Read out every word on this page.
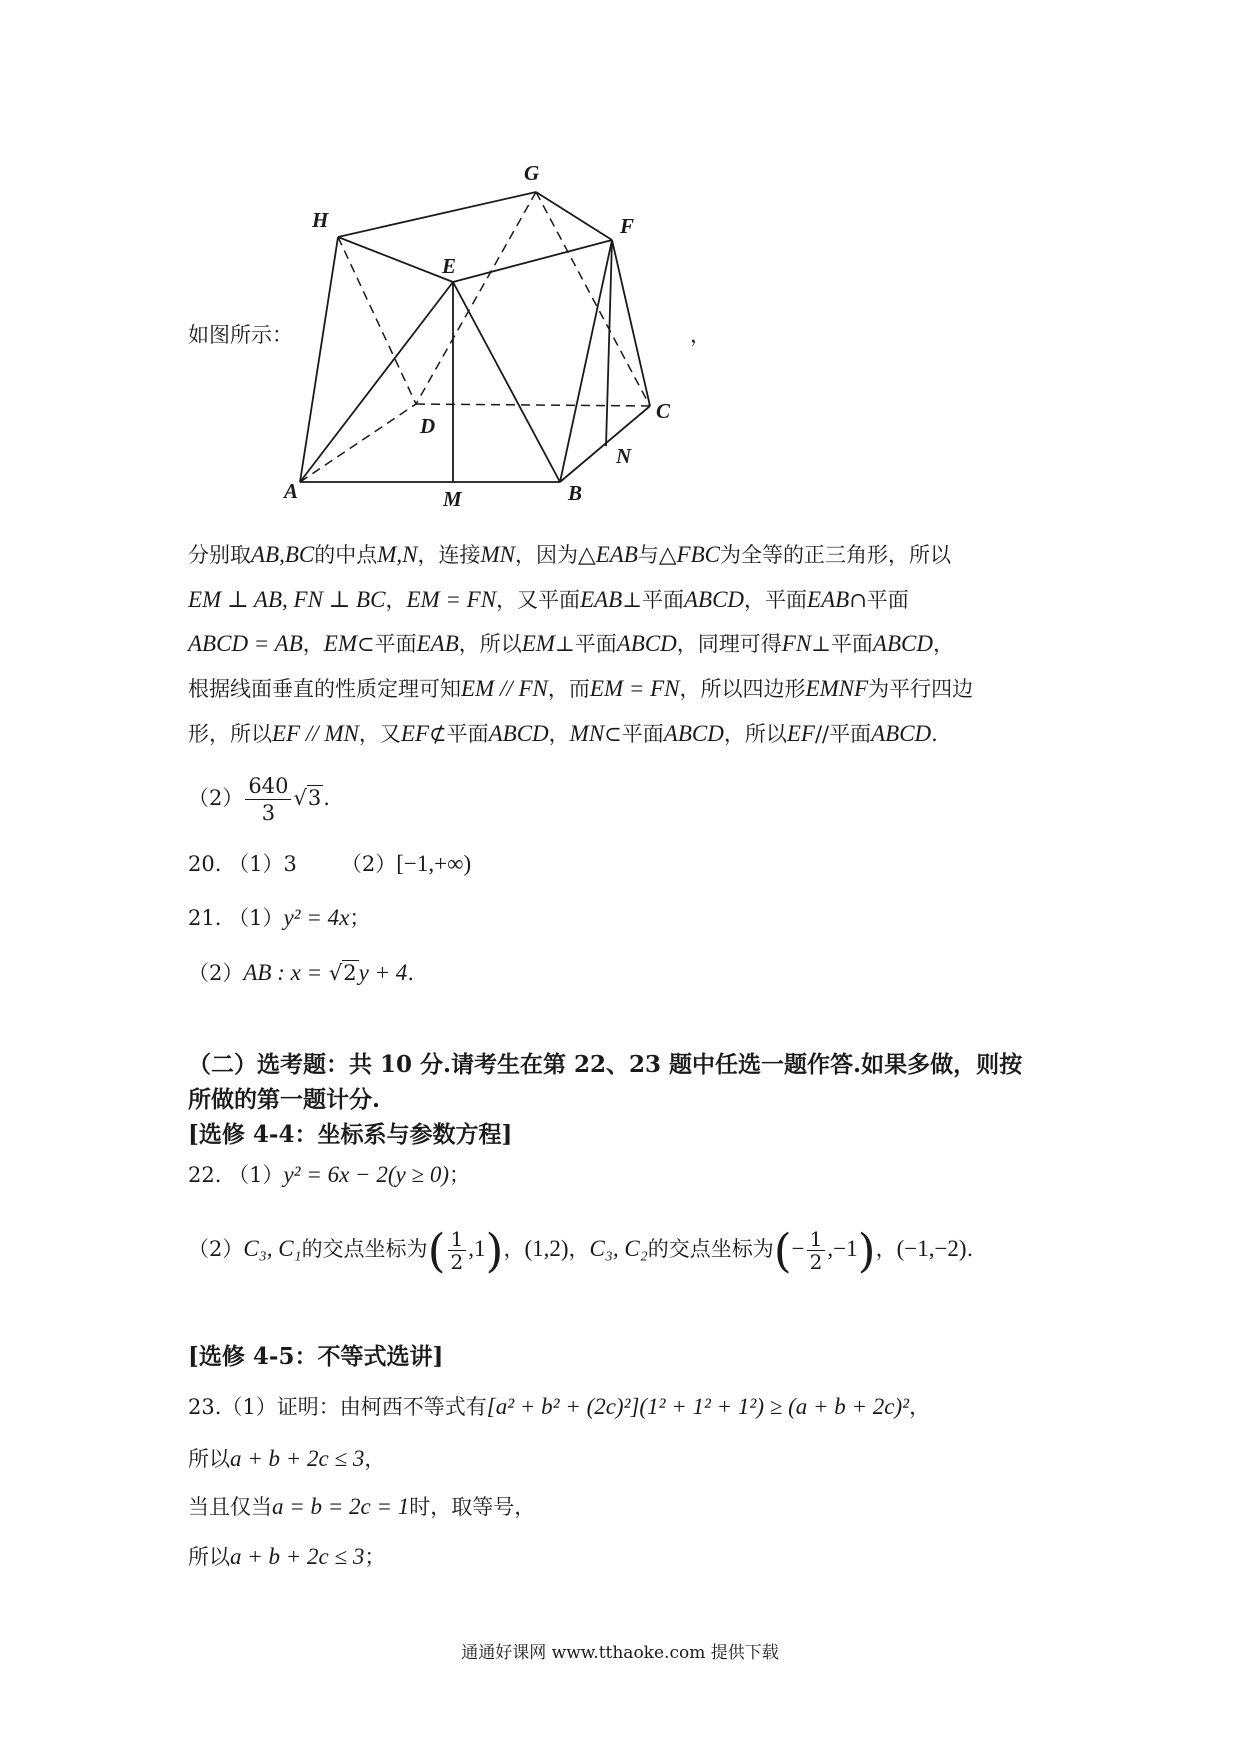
如图所示：	，
G
H	F
E
D
C
N
A	M	B
分别取AB,BC的中点M,N，连接MN，因为△EAB与△FBC为全等的正三角形，所以
EM ⊥ AB, FN ⊥ BC，EM = FN，又平面EAB⊥平面ABCD，平面EAB∩平面
ABCD = AB，EM⊂平面EAB，所以EM⊥平面ABCD，同理可得FN⊥平面ABCD，
根据线面垂直的性质定理可知EM // FN，而EM = FN，所以四边形EMNF为平行四边
形，所以EF // MN，又EF⊄平面ABCD，MN⊂平面ABCD，所以EF//平面ABCD.
$(2) \frac{640}{3} √3$.
20. （1）3 （2）[−1,+∞)
21. （1）y² = 4x；
（2）AB : x = √2y + 4.
（二）选考题：共 10 分.请考生在第 22、23 题中任选一题作答.如果多做，则按
所做的第一题计分.
[选修 4-4：坐标系与参数方程]
22. （1）y² = 6x − 2(y ≥ 0)；
（2）C₃, C₁的交点坐标为( $\frac{1}{2} ,1$)，(1,2)，C₃, C₂的交点坐标为(− $\frac{1}{2} ,-1$)，(−1,−2).
[选修 4-5：不等式选讲]
23.（1）证明：由柯西不等式有[a² + b² + (2c)²](1² + 1² + 1²) ≥ (a + b + 2c)²，
所以a + b + 2c ≤ 3，
当且仅当a = b = 2c = 1时，取等号，
所以a + b + 2c ≤ 3；
通通好课网 www.tthaoke.com 提供下载
